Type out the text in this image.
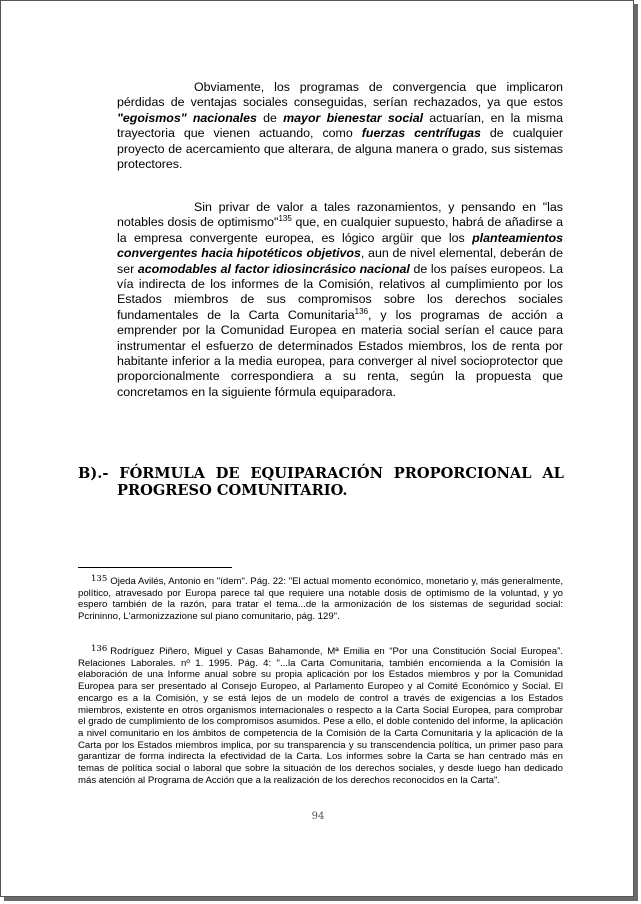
Obviamente, los programas de convergencia que implicaron pérdidas de ventajas sociales conseguidas, serían rechazados, ya que estos "egoismos" nacionales de mayor bienestar social actuarían, en la misma trayectoria que vienen actuando, como fuerzas centrífugas de cualquier proyecto de acercamiento que alterara, de alguna manera o grado, sus sistemas protectores.

Sin privar de valor a tales razonamientos, y pensando en "las notables dosis de optimismo"$^{135}$ que, en cualquier supuesto, habrá de añadirse a la empresa convergente europea, es lógico argüir que los planteamientos convergentes hacia hipotéticos objetivos, aun de nivel elemental, deberán de ser acomodables al factor idiosincrásico nacional de los países europeos. La vía indirecta de los informes de la Comisión, relativos al cumplimiento por los Estados miembros de sus compromisos sobre los derechos sociales fundamentales de la Carta Comunitaria$^{136}$, y los programas de acción a emprender por la Comunidad Europea en materia social serían el cauce para instrumentar el esfuerzo de determinados Estados miembros, los de renta por habitante inferior a la media europea, para converger al nivel socioprotector que proporcionalmente correspondiera a su renta, según la propuesta que concretamos en la siguiente fórmula equiparadora.

B).- FÓRMULA DE EQUIPARACIÓN PROPORCIONAL AL
PROGRESO COMUNITARIO.

135 Ojeda Avilés, Antonio en "ídem". Pág. 22: "El actual momento económico, monetario y, más generalmente, político, atravesado por Europa parece tal que requiere una notable dosis de optimismo de la voluntad, y yo espero también de la razón, para tratar el tema...de la armonización de los sistemas de seguridad social: Pcrininno, L'armonizzazione sul piano comunitario, pág. 129".

136 Rodríguez Piñero, Miguel y Casas Bahamonde, Mª Emilia en “Por una Constitución Social Europea”. Relaciones Laborales. nº 1. 1995. Pág. 4: "...la Carta Comunitaria, también encomienda a la Comisión la elaboración de una Informe anual sobre su propia aplicación por los Estados miembros y por la Comunidad Europea para ser presentado al Consejo Europeo, al Parlamento Europeo y al Comité Económico y Social. El encargo es a la Comisión, y se está lejos de un modelo de control a través de exigencias a los Estados miembros, existente en otros organismos internacionales o respecto a la Carta Social Europea, para comprobar el grado de cumplimiento de los compromisos asumidos. Pese a ello, el doble contenido del informe, la aplicación a nivel comunitario en los ámbitos de competencia de la Comisión de la Carta Comunitaria y la aplicación de la Carta por los Estados miembros implica, por su transparencia y su transcendencia política, un primer paso para garantizar de forma indirecta la efectividad de la Carta. Los informes sobre la Carta se han centrado más en temas de política social o laboral que sobre la situación de los derechos sociales, y desde luego han dedicado más atención al Programa de Acción que a la realización de los derechos reconocidos en la Carta".

94
